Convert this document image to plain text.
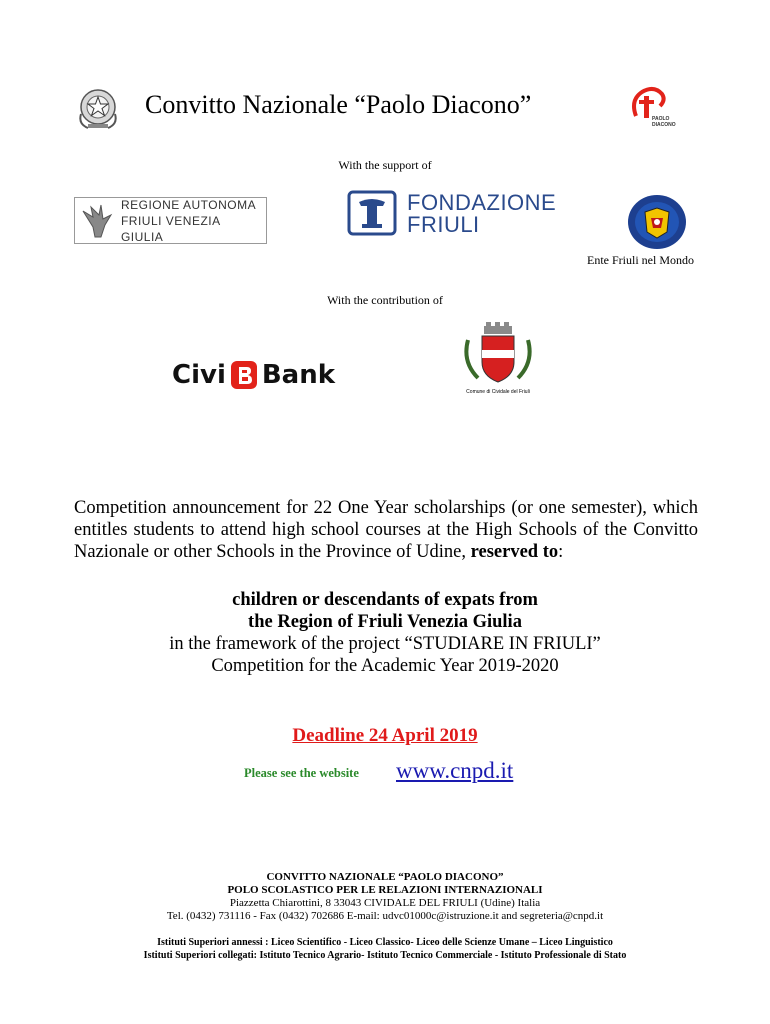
Convitto Nazionale “Paolo Diacono”	PAOLO
DIACONO
With the support of
REGIONE AUTONOMA
FRIULI VENEZIA GIULIA
FONDAZIONE
FRIULI
Ente Friuli nel Mondo
With the contribution of
Civi Bank
Comune di Cividale del Friuli
Competition announcement for 22 One Year scholarships (or one semester), which entitles students to attend high school courses at the High Schools of the Convitto Nazionale or other Schools in the Province of Udine, reserved to:
children or descendants of expats from
the Region of Friuli Venezia Giulia
in the framework of the project “STUDIARE IN FRIULI”
Competition for the Academic Year 2019-2020
Deadline 24 April 2019
Please see the website www.cnpd.it
CONVITTO NAZIONALE “PAOLO DIACONO”
POLO SCOLASTICO PER LE RELAZIONI INTERNAZIONALI
Piazzetta Chiarottini, 8 33043 CIVIDALE DEL FRIULI (Udine) Italia
Tel. (0432) 731116 - Fax (0432) 702686 E-mail: udvc01000c@istruzione.it and segreteria@cnpd.it
Istituti Superiori annessi : Liceo Scientifico - Liceo Classico- Liceo delle Scienze Umane – Liceo Linguistico
Istituti Superiori collegati: Istituto Tecnico Agrario- Istituto Tecnico Commerciale - Istituto Professionale di Stato
